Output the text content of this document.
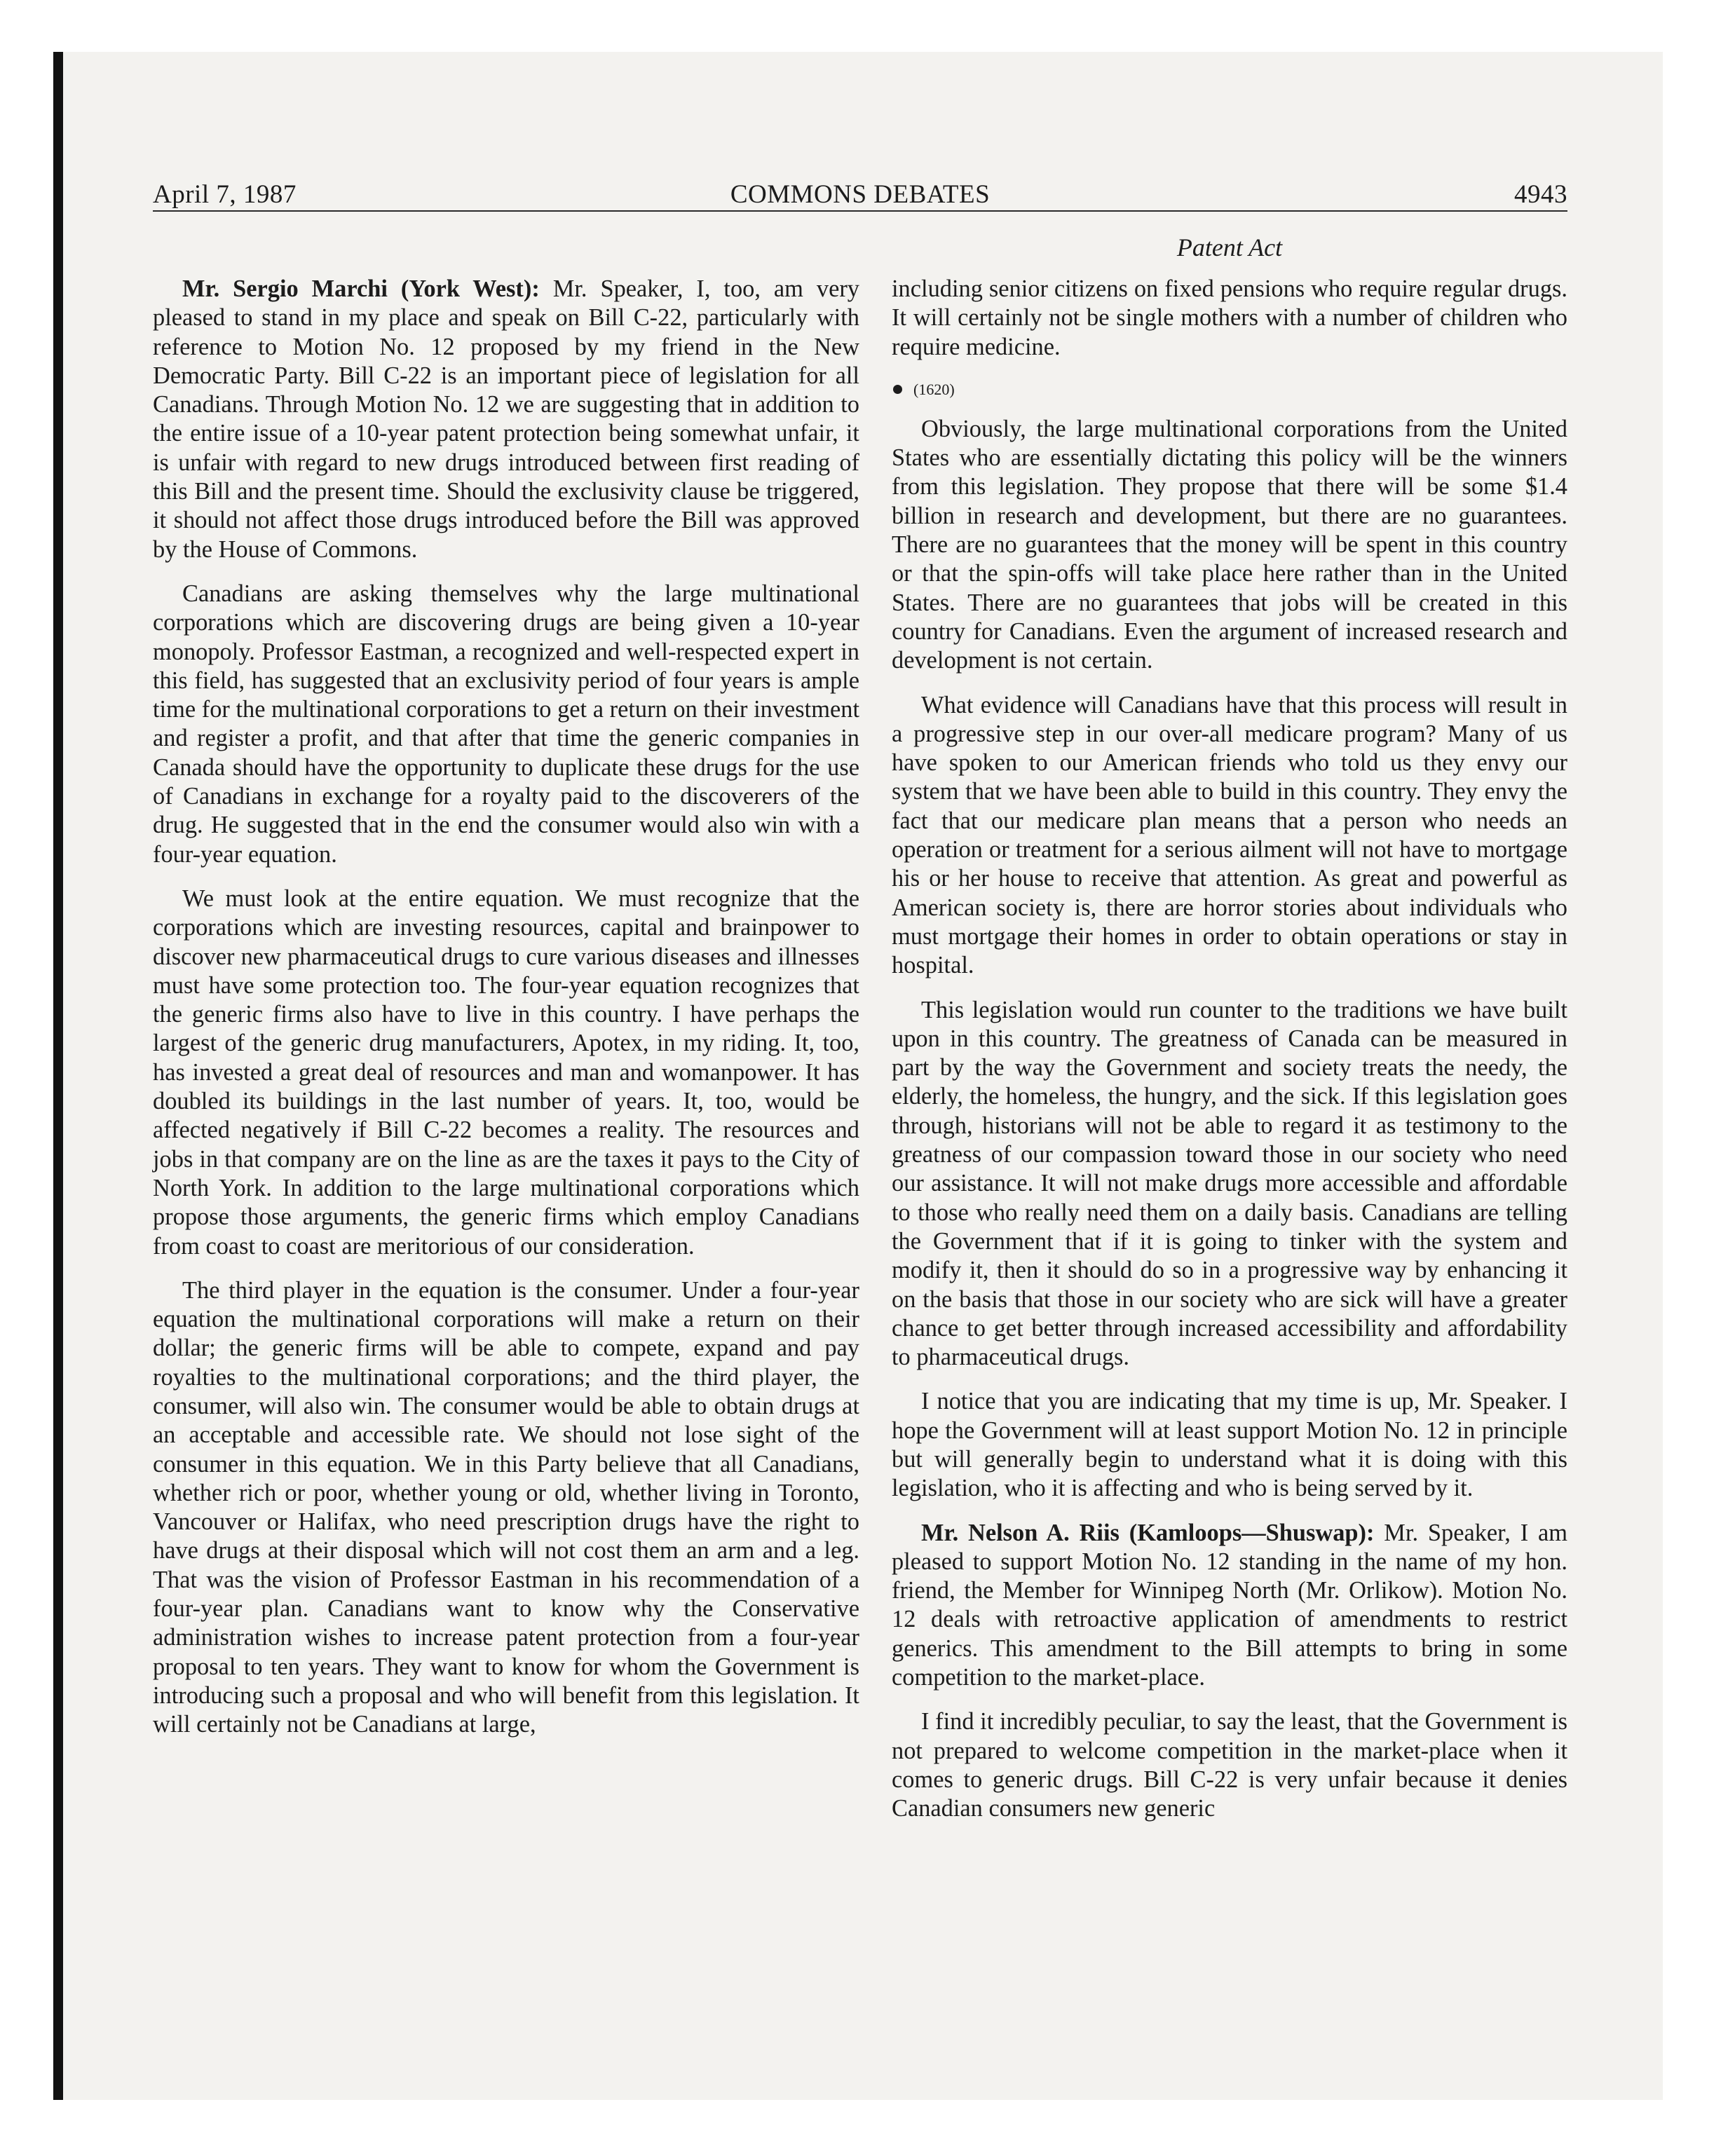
April 7, 1987	COMMONS DEBATES	4943
Patent Act

Mr. Sergio Marchi (York West): Mr. Speaker, I, too, am very pleased to stand in my place and speak on Bill C-22, particularly with reference to Motion No. 12 proposed by my friend in the New Democratic Party. Bill C-22 is an important piece of legislation for all Canadians. Through Motion No. 12 we are suggesting that in addition to the entire issue of a 10-year patent protection being somewhat unfair, it is unfair with regard to new drugs introduced between first reading of this Bill and the present time. Should the exclusivity clause be triggered, it should not affect those drugs introduced before the Bill was approved by the House of Commons.

Canadians are asking themselves why the large multinational corporations which are discovering drugs are being given a 10-year monopoly. Professor Eastman, a recognized and well-respected expert in this field, has suggested that an exclusivity period of four years is ample time for the multinational corporations to get a return on their investment and register a profit, and that after that time the generic companies in Canada should have the opportunity to duplicate these drugs for the use of Canadians in exchange for a royalty paid to the discoverers of the drug. He suggested that in the end the consumer would also win with a four-year equation.

We must look at the entire equation. We must recognize that the corporations which are investing resources, capital and brainpower to discover new pharmaceutical drugs to cure various diseases and illnesses must have some protection too. The four-year equation recognizes that the generic firms also have to live in this country. I have perhaps the largest of the generic drug manufacturers, Apotex, in my riding. It, too, has invested a great deal of resources and man and womanpower. It has doubled its buildings in the last number of years. It, too, would be affected negatively if Bill C-22 becomes a reality. The resources and jobs in that company are on the line as are the taxes it pays to the City of North York. In addition to the large multinational corporations which propose those arguments, the generic firms which employ Canadians from coast to coast are meritorious of our consideration.

The third player in the equation is the consumer. Under a four-year equation the multinational corporations will make a return on their dollar; the generic firms will be able to compete, expand and pay royalties to the multinational corporations; and the third player, the consumer, will also win. The consumer would be able to obtain drugs at an acceptable and accessible rate. We should not lose sight of the consumer in this equation. We in this Party believe that all Canadians, whether rich or poor, whether young or old, whether living in Toronto, Vancouver or Halifax, who need prescription drugs have the right to have drugs at their disposal which will not cost them an arm and a leg. That was the vision of Professor Eastman in his recommendation of a four-year plan. Canadians want to know why the Conservative administration wishes to increase patent protection from a four-year proposal to ten years. They want to know for whom the Government is introducing such a proposal and who will benefit from this legislation. It will certainly not be Canadians at large,

including senior citizens on fixed pensions who require regular drugs. It will certainly not be single mothers with a number of children who require medicine.

(1620)

Obviously, the large multinational corporations from the United States who are essentially dictating this policy will be the winners from this legislation. They propose that there will be some $1.4 billion in research and development, but there are no guarantees. There are no guarantees that the money will be spent in this country or that the spin-offs will take place here rather than in the United States. There are no guarantees that jobs will be created in this country for Canadians. Even the argument of increased research and development is not certain.

What evidence will Canadians have that this process will result in a progressive step in our over-all medicare program? Many of us have spoken to our American friends who told us they envy our system that we have been able to build in this country. They envy the fact that our medicare plan means that a person who needs an operation or treatment for a serious ailment will not have to mortgage his or her house to receive that attention. As great and powerful as American society is, there are horror stories about individuals who must mortgage their homes in order to obtain operations or stay in hospital.

This legislation would run counter to the traditions we have built upon in this country. The greatness of Canada can be measured in part by the way the Government and society treats the needy, the elderly, the homeless, the hungry, and the sick. If this legislation goes through, historians will not be able to regard it as testimony to the greatness of our compassion toward those in our society who need our assistance. It will not make drugs more accessible and affordable to those who really need them on a daily basis. Canadians are telling the Government that if it is going to tinker with the system and modify it, then it should do so in a progressive way by enhancing it on the basis that those in our society who are sick will have a greater chance to get better through increased accessibility and affordability to pharmaceutical drugs.

I notice that you are indicating that my time is up, Mr. Speaker. I hope the Government will at least support Motion No. 12 in principle but will generally begin to understand what it is doing with this legislation, who it is affecting and who is being served by it.

Mr. Nelson A. Riis (Kamloops—Shuswap): Mr. Speaker, I am pleased to support Motion No. 12 standing in the name of my hon. friend, the Member for Winnipeg North (Mr. Orlikow). Motion No. 12 deals with retroactive application of amendments to restrict generics. This amendment to the Bill attempts to bring in some competition to the market-place.

I find it incredibly peculiar, to say the least, that the Government is not prepared to welcome competition in the market-place when it comes to generic drugs. Bill C-22 is very unfair because it denies Canadian consumers new generic
